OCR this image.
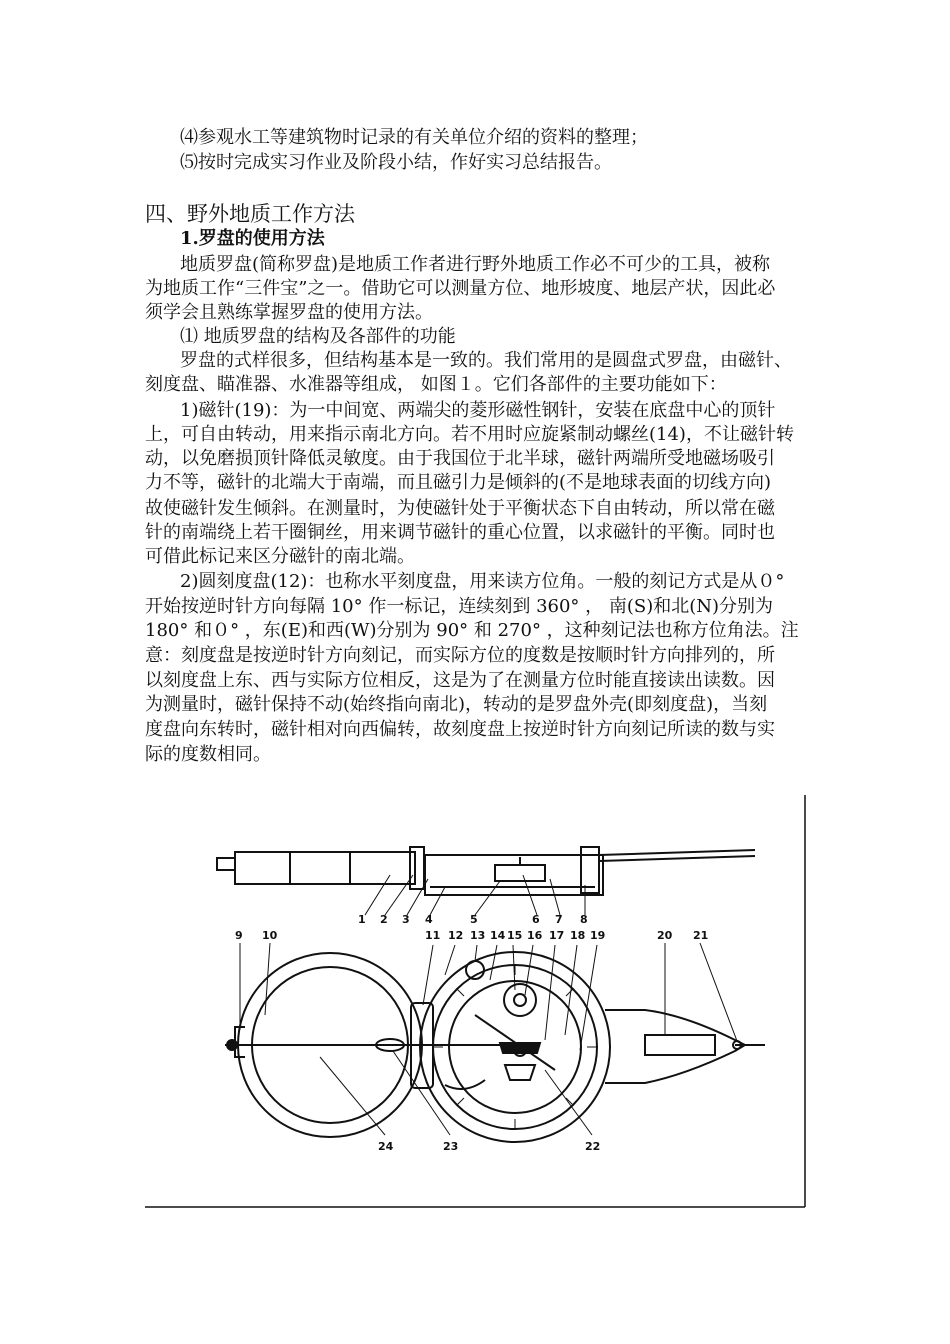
⑷参观水工等建筑物时记录的有关单位介绍的资料的整理；
⑸按时完成实习作业及阶段小结，作好实习总结报告。
四、野外地质工作方法
1.罗盘的使用方法
地质罗盘(简称罗盘)是地质工作者进行野外地质工作必不可少的工具，被称
为地质工作“三件宝”之一。借助它可以测量方位、地形坡度、地层产状，因此必
须学会且熟练掌握罗盘的使用方法。
⑴ 地质罗盘的结构及各部件的功能
罗盘的式样很多，但结构基本是一致的。我们常用的是圆盘式罗盘，由磁针、
刻度盘、瞄准器、水准器等组成， 如图１。它们各部件的主要功能如下：
1)磁针(19)：为一中间宽、两端尖的菱形磁性钢针，安装在底盘中心的顶针
上，可自由转动，用来指示南北方向。若不用时应旋紧制动螺丝(14)，不让磁针转
动，以免磨损顶针降低灵敏度。由于我国位于北半球，磁针两端所受地磁场吸引
力不等，磁针的北端大于南端，而且磁引力是倾斜的(不是地球表面的切线方向)
故使磁针发生倾斜。在测量时，为使磁针处于平衡状态下自由转动，所以常在磁
针的南端绕上若干圈铜丝，用来调节磁针的重心位置，以求磁针的平衡。同时也
可借此标记来区分磁针的南北端。
2)圆刻度盘(12)：也称水平刻度盘，用来读方位角。一般的刻记方式是从０°
开始按逆时针方向每隔 10° 作一标记，连续刻到 360° ， 南(S)和北(N)分别为
180° 和０° ，东(E)和西(W)分别为 90° 和 270° ，这种刻记法也称方位角法。注
意：刻度盘是按逆时针方向刻记，而实际方位的度数是按顺时针方向排列的，所
以刻度盘上东、西与实际方位相反，这是为了在测量方位时能直接读出读数。因
为测量时，磁针保持不动(始终指向南北)，转动的是罗盘外壳(即刻度盘)，当刻
度盘向东转时，磁针相对向西偏转，故刻度盘上按逆时针方向刻记所读的数与实
际的度数相同。
1 2 3 4	5	6 7 8
9 10	11 12 13 14 15 16 17 18 19	20 21
24	23	22
